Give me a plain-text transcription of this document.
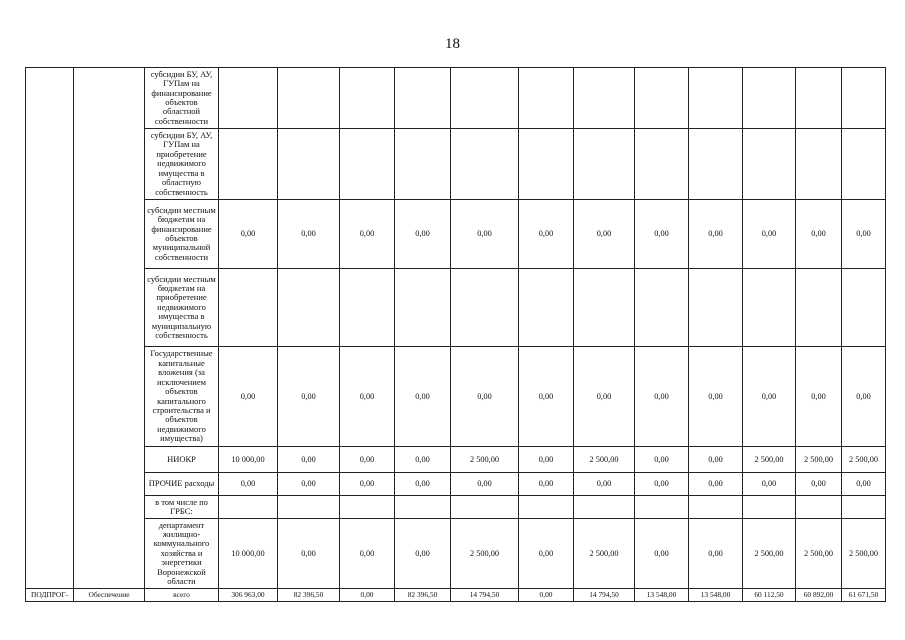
18
		субсидии БУ, АУ, ГУПам на финансирование объектов областной собственности												
		субсидии БУ, АУ, ГУПам на приобретение недвижимого имущества в областную собственность												
		субсидии местным бюджетам на финансирование объектов муниципальной собственности	0,00	0,00	0,00	0,00	0,00	0,00	0,00	0,00	0,00	0,00	0,00	0,00
		субсидии местным бюджетам на приобретение недвижимого имущества в муниципальную собственность												
		Государственные капитальные вложения (за исключением объектов капитального строительства и объектов недвижимого имущества)	0,00	0,00	0,00	0,00	0,00	0,00	0,00	0,00	0,00	0,00	0,00	0,00
		НИОКР	10 000,00	0,00	0,00	0,00	2 500,00	0,00	2 500,00	0,00	0,00	2 500,00	2 500,00	2 500,00
		ПРОЧИЕ расходы	0,00	0,00	0,00	0,00	0,00	0,00	0,00	0,00	0,00	0,00	0,00	0,00
		в том числе по ГРБС:												
		департамент жилищно-коммунального хозяйства и энергетики Воронежской области	10 000,00	0,00	0,00	0,00	2 500,00	0,00	2 500,00	0,00	0,00	2 500,00	2 500,00	2 500,00
ПОДПРОГ-	Обеспечение	всего	306 963,00	82 396,50	0,00	82 396,50	14 794,50	0,00	14 794,50	13 548,00	13 548,00	60 112,50	60 892,00	61 671,50
